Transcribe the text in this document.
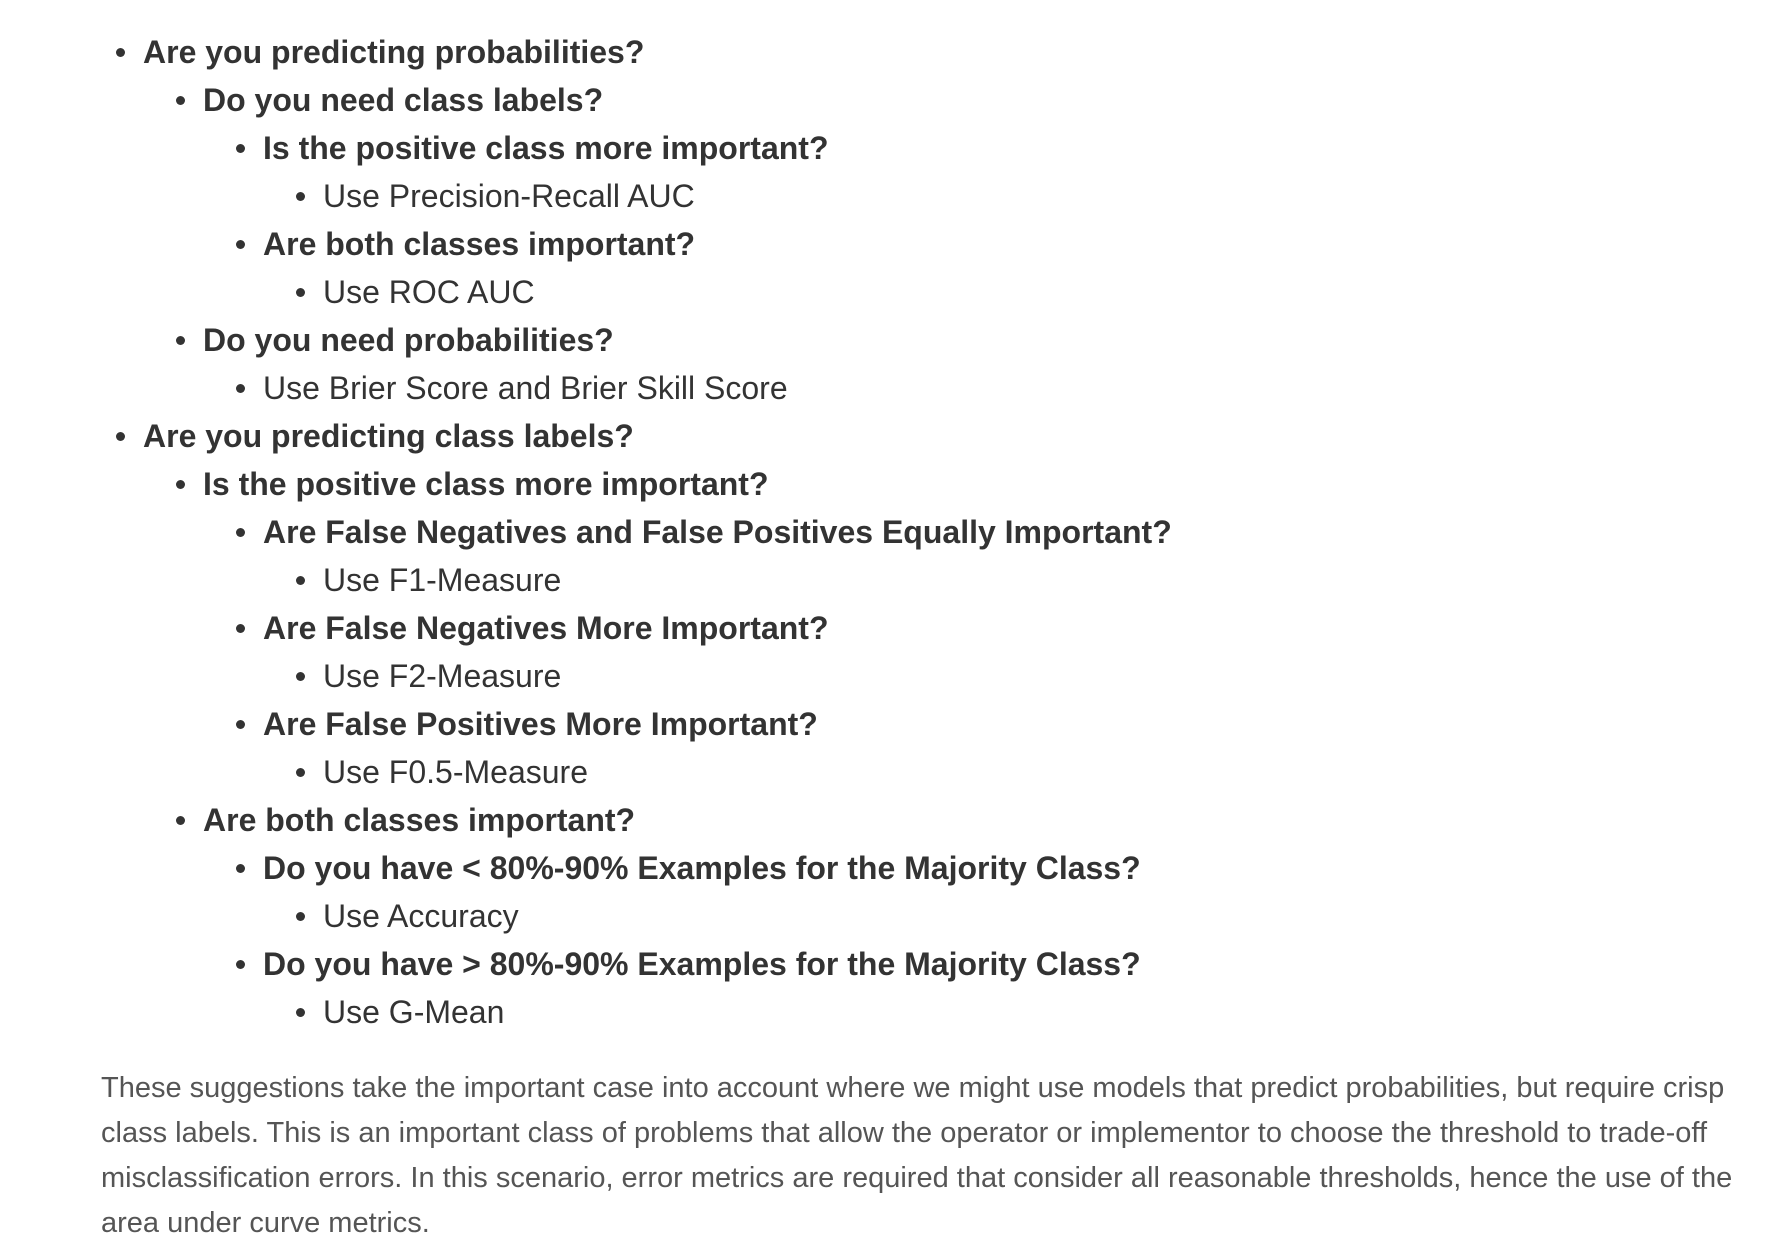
Are you predicting probabilities?
Do you need class labels?
Is the positive class more important?
Use Precision-Recall AUC
Are both classes important?
Use ROC AUC
Do you need probabilities?
Use Brier Score and Brier Skill Score
Are you predicting class labels?
Is the positive class more important?
Are False Negatives and False Positives Equally Important?
Use F1-Measure
Are False Negatives More Important?
Use F2-Measure
Are False Positives More Important?
Use F0.5-Measure
Are both classes important?
Do you have < 80%-90% Examples for the Majority Class?
Use Accuracy
Do you have > 80%-90% Examples for the Majority Class?
Use G-Mean

These suggestions take the important case into account where we might use models that predict probabilities, but require crisp class labels. This is an important class of problems that allow the operator or implementor to choose the threshold to trade-off misclassification errors. In this scenario, error metrics are required that consider all reasonable thresholds, hence the use of the area under curve metrics.
